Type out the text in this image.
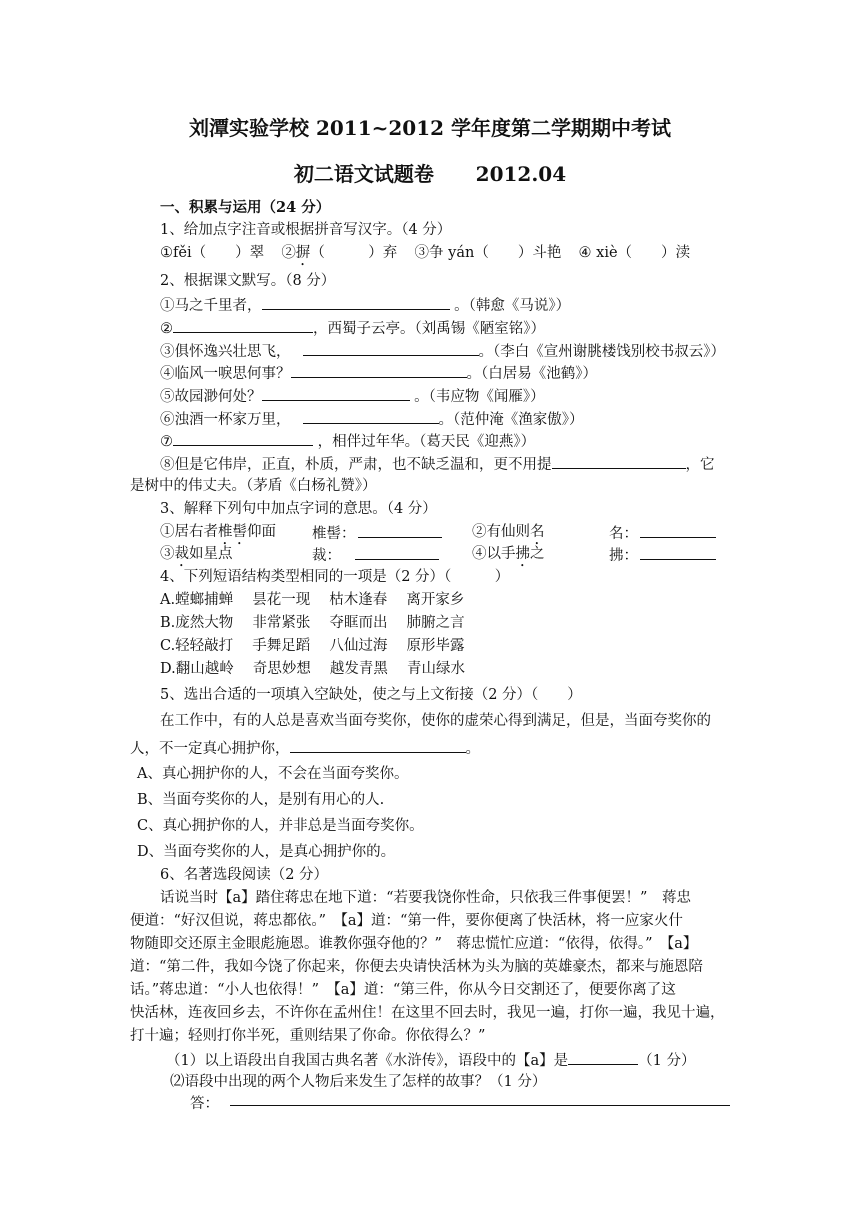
刘潭实验学校 2011~2012 学年度第二学期期中考试
初二语文试题卷      2012.04
一、积累与运用（24 分）
1、给加点字注音或根据拼音写汉字。（4 分）
①fěi（　　）翠 ②摒（　　　）弃 ③争 yán（　　）斗艳 ④ xiè（　　）渎
2、根据课文默写。（8 分）
①马之千里者，	。（韩愈《马说》）
②	，西蜀子云亭。（刘禹锡《陋室铭》）
③俱怀逸兴壮思飞，	。（李白《宣州谢朓楼饯别校书叔云》）
④临风一唳思何事？	。（白居易《池鹤》）
⑤故园渺何处？	。（韦应物《闻雁》）
⑥浊酒一杯家万里，	。（范仲淹《渔家傲》）
⑦	，相伴过年华。（葛天民《迎燕》）
⑧但是它伟岸，正直，朴质，严肃，也不缺乏温和，更不用提	，它
是树中的伟丈夫。（茅盾《白杨礼赞》）
3、解释下列句中加点字词的意思。（4 分）
①居右者椎髻仰面 椎髻：	②有仙则名	名：
③裁如星点	裁：	④以手拂之	拂：
4、下列短语结构类型相同的一项是（2 分）（　　　）
A.螳螂捕蝉　 昙花一现　 枯木逢春　 离开家乡
B.庞然大物　 非常紧张　 夺眶而出　 肺腑之言
C.轻轻敲打　 手舞足蹈　 八仙过海　 原形毕露
D.翻山越岭　 奇思妙想　 越发青黑　 青山绿水
5、选出合适的一项填入空缺处，使之与上文衔接（2 分）（　　）
在工作中，有的人总是喜欢当面夸奖你，使你的虚荣心得到满足，但是，当面夸奖你的
人，不一定真心拥护你，	。
A、真心拥护你的人，不会在当面夸奖你。
B、当面夸奖你的人，是别有用心的人.
C、真心拥护你的人，并非总是当面夸奖你。
D、当面夸奖你的人，是真心拥护你的。
6、名著选段阅读（2 分）
话说当时【a】踏住蒋忠在地下道：“若要我饶你性命，只依我三件事便罢！”　蒋忠
便道：“好汉但说，蒋忠都依。”　【a】道：“第一件，要你便离了快活林，将一应家火什
物随即交还原主金眼彪施恩。谁教你强夺他的？”　蒋忠慌忙应道：“依得，依得。”　【a】
道：“第二件，我如今饶了你起来，你便去央请快活林为头为脑的英雄豪杰，都来与施恩陪
话。”蒋忠道：“小人也依得！”　【a】道：“第三件，你从今日交割还了，便要你离了这
快活林，连夜回乡去，不许你在孟州住！在这里不回去时，我见一遍，打你一遍，我见十遍，
打十遍；轻则打你半死，重则结果了你命。你依得么？”
（1）以上语段出自我国古典名著《水浒传》，语段中的【a】是	（1 分）
⑵语段中出现的两个人物后来发生了怎样的故事？（1 分）
答：
